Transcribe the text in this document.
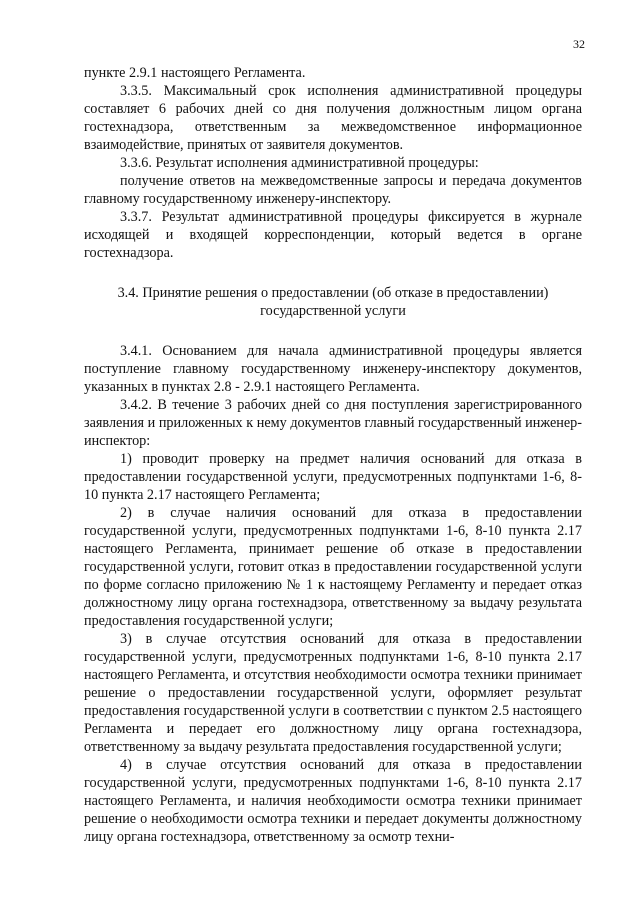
32

пункте 2.9.1 настоящего Регламента.

3.3.5. Максимальный срок исполнения административной процедуры составляет 6 рабочих дней со дня получения должностным лицом органа гостехнадзора, ответственным за межведомственное информационное взаимодействие, принятых от заявителя документов.

3.3.6. Результат исполнения административной процедуры:

получение ответов на межведомственные запросы и передача документов главному государственному инженеру-инспектору.

3.3.7. Результат административной процедуры фиксируется в журнале исходящей и входящей корреспонденции, который ведется в органе гостехнадзора.

3.4. Принятие решения о предоставлении (об отказе в предоставлении)
государственной услуги

3.4.1. Основанием для начала административной процедуры является поступление главному государственному инженеру-инспектору документов, указанных в пунктах 2.8 - 2.9.1 настоящего Регламента.

3.4.2. В течение 3 рабочих дней со дня поступления зарегистрированного заявления и приложенных к нему документов главный государственный инженер-инспектор:

1) проводит проверку на предмет наличия оснований для отказа в предоставлении государственной услуги, предусмотренных подпунктами 1-6, 8-10 пункта 2.17 настоящего Регламента;

2) в случае наличия оснований для отказа в предоставлении государственной услуги, предусмотренных подпунктами 1-6, 8-10 пункта 2.17 настоящего Регламента, принимает решение об отказе в предоставлении государственной услуги, готовит отказ в предоставлении государственной услуги по форме согласно приложению № 1 к настоящему Регламенту и передает отказ должностному лицу органа гостехнадзора, ответственному за выдачу результата предоставления государственной услуги;

3) в случае отсутствия оснований для отказа в предоставлении государственной услуги, предусмотренных подпунктами 1-6, 8-10 пункта 2.17 настоящего Регламента, и отсутствия необходимости осмотра техники принимает решение о предоставлении государственной услуги, оформляет результат предоставления государственной услуги в соответствии с пунктом 2.5 настоящего Регламента и передает его должностному лицу органа гостехнадзора, ответственному за выдачу результата предоставления государственной услуги;

4) в случае отсутствия оснований для отказа в предоставлении государственной услуги, предусмотренных подпунктами 1-6, 8-10 пункта 2.17 настоящего Регламента, и наличия необходимости осмотра техники принимает решение о необходимости осмотра техники и передает документы должностному лицу органа гостехнадзора, ответственному за осмотр техни-
